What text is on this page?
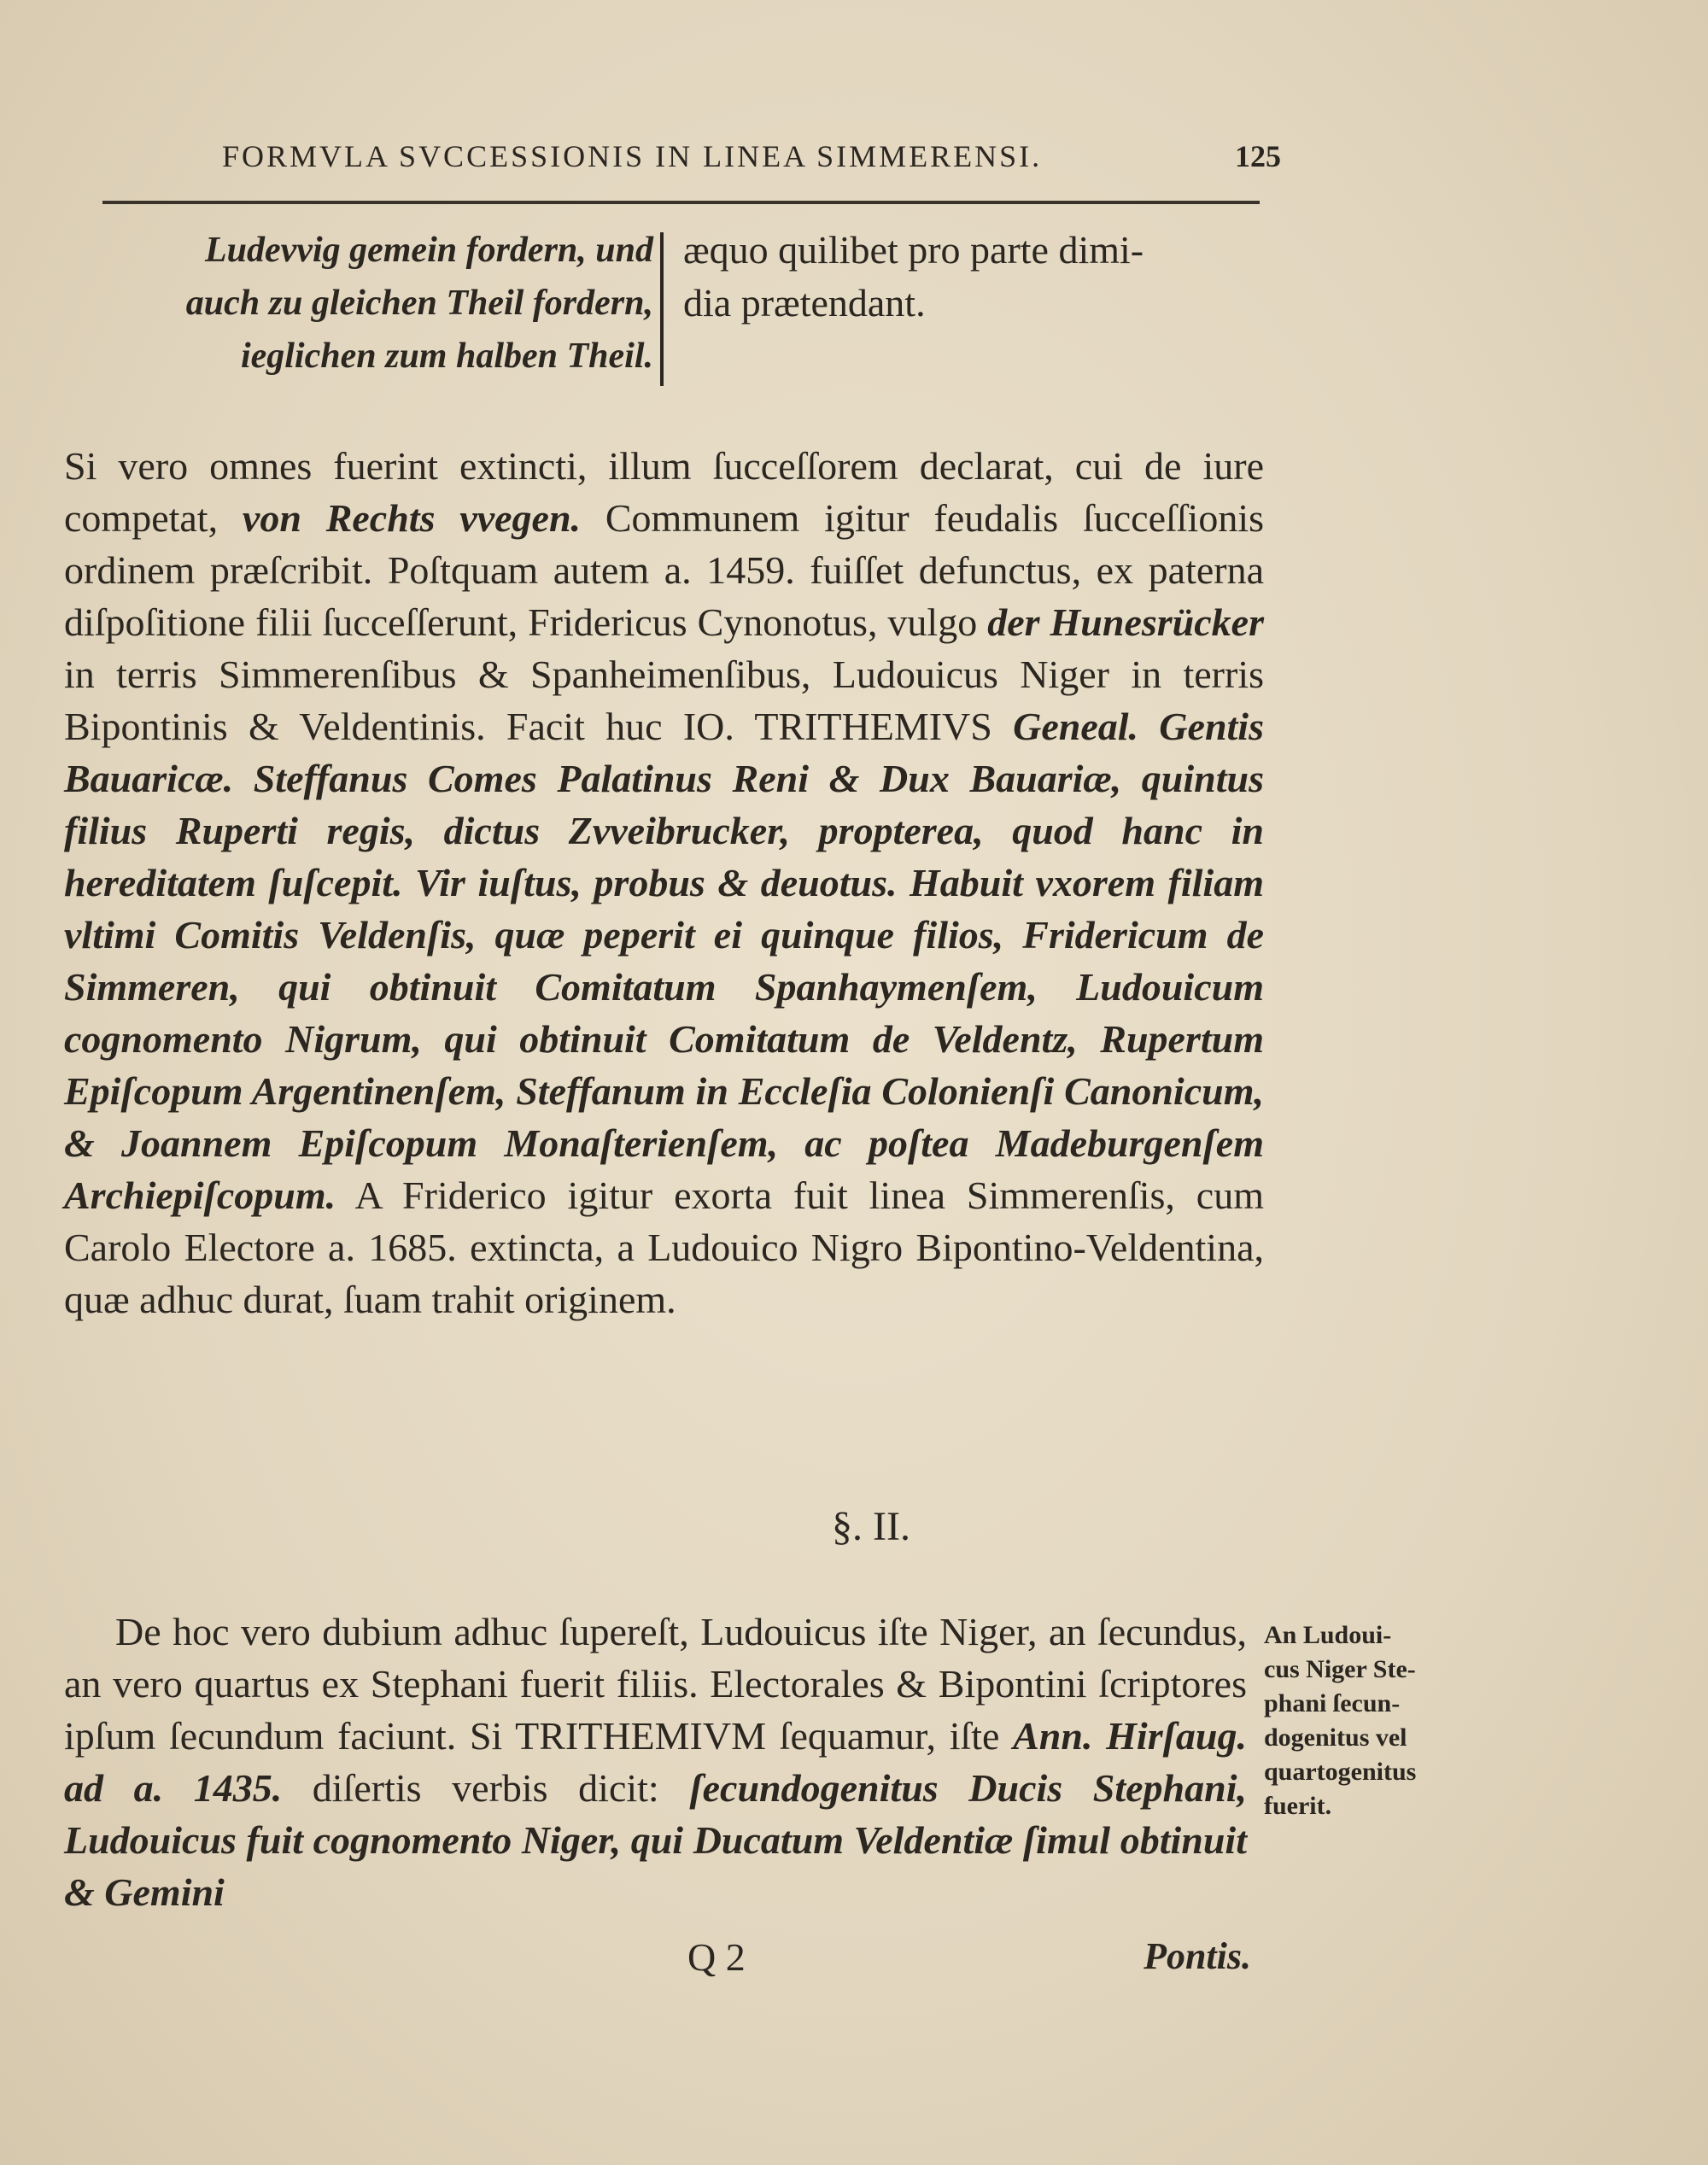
FORMVLA SVCCESSIONIS IN LINEA SIMMERENSI.	125
Ludevvig gemein fordern, und
auch zu gleichen Theil fordern,
ieglichen zum halben Theil.
æquo quilibet pro parte dimi-
dia prætendant.
Si vero omnes fuerint extincti, illum ſucceſſorem declarat, cui de iure competat, von Rechts vvegen. Communem igitur feudalis ſucceſſionis ordinem præſcribit. Poſtquam autem a. 1459. fuiſſet defunctus, ex paterna diſpoſitione filii ſucceſſerunt, Fridericus Cynonotus, vulgo der Hunesrücker in terris Simmerenſibus & Spanheimenſibus, Ludouicus Niger in terris Bipontinis & Veldentinis. Facit huc IO. TRITHEMIVS Geneal. Gentis Bauaricæ. Steffanus Comes Palatinus Reni & Dux Bauariæ, quintus filius Ruperti regis, dictus Zvveibrucker, propterea, quod hanc in hereditatem ſuſcepit. Vir iuſtus, probus & deuotus. Habuit vxorem filiam vltimi Comitis Veldenſis, quæ peperit ei quinque filios, Fridericum de Simmeren, qui obtinuit Comitatum Spanhaymenſem, Ludouicum cognomento Nigrum, qui obtinuit Comitatum de Veldentz, Rupertum Epiſcopum Argentinenſem, Steffanum in Eccleſia Colonienſi Canonicum, & Joannem Epiſcopum Monaſterienſem, ac poſtea Madeburgenſem Archiepiſcopum. A Friderico igitur exorta fuit linea Simmerenſis, cum Carolo Electore a. 1685. extincta, a Ludouico Nigro Bipontino-Veldentina, quæ adhuc durat, ſuam trahit originem.
§. II.
De hoc vero dubium adhuc ſupereſt, Ludouicus iſte Niger, an ſecundus, an vero quartus ex Stephani fuerit filiis. Electorales & Bipontini ſcriptores ipſum ſecundum faciunt. Si TRITHEMIVM ſequamur, iſte Ann. Hirſaug. ad a. 1435. diſertis verbis dicit: ſecundogenitus Ducis Stephani, Ludouicus fuit cognomento Niger, qui Ducatum Veldentiæ ſimul obtinuit & Gemini
An Ludoui-
cus Niger Ste-
phani ſecun-
dogenitus vel
quartogenitus
fuerit.
Q 2	Pontis.
